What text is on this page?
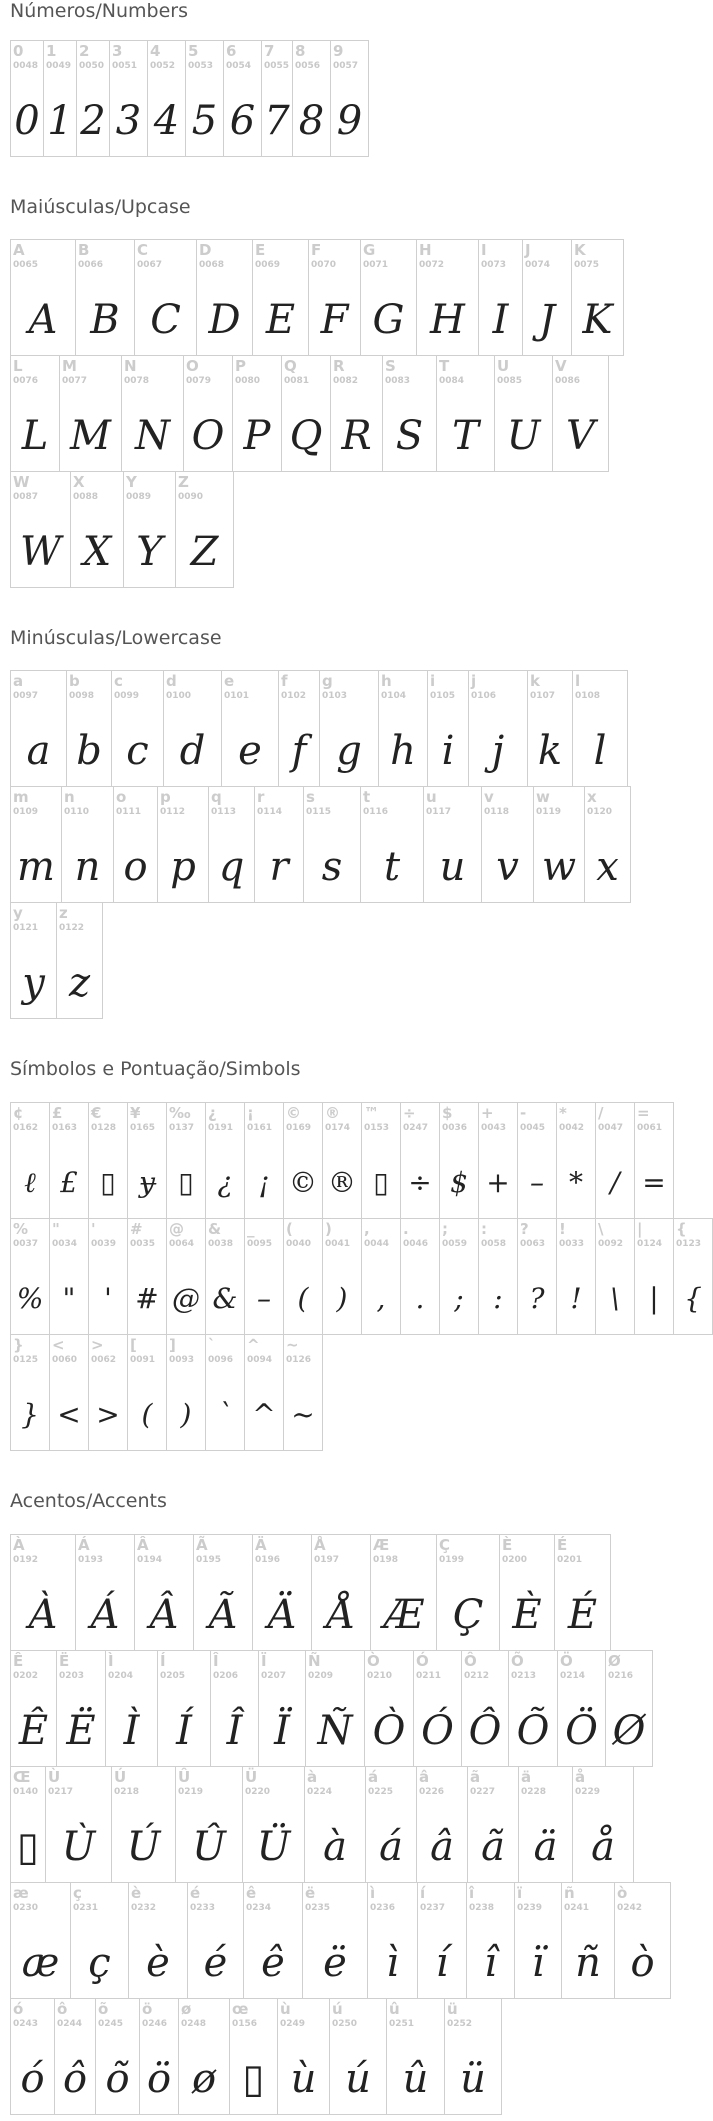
Números/Numbers
0
0048
0
1
0049
1
2
0050
2
3
0051
3
4
0052
4
5
0053
5
6
0054
6
7
0055
7
8
0056
8
9
0057
9
Maiúsculas/Upcase
A
0065
A
B
0066
B
C
0067
C
D
0068
D
E
0069
E
F
0070
F
G
0071
G
H
0072
H
I
0073
I
J
0074
J
K
0075
K
L
0076
L
M
0077
M
N
0078
N
O
0079
O
P
0080
P
Q
0081
Q
R
0082
R
S
0083
S
T
0084
T
U
0085
U
V
0086
V
W
0087
W
X
0088
X
Y
0089
Y
Z
0090
Z
Minúsculas/Lowercase
a
0097
a
b
0098
b
c
0099
c
d
0100
d
e
0101
e
f
0102
f
g
0103
g
h
0104
h
i
0105
i
j
0106
j
k
0107
k
l
0108
l
m
0109
m
n
0110
n
o
0111
o
p
0112
p
q
0113
q
r
0114
r
s
0115
s
t
0116
t
u
0117
u
v
0118
v
w
0119
w
x
0120
x
y
0121
y
z
0122
z
Símbolos e Pontuação/Simbols
¢
0162
ℓ
£
0163
£
€
0128
▯
¥
0165
ɏ
‰
0137
▯
¿
0191
¿
¡
0161
¡
©
0169
©
®
0174
®
™
0153
▯
÷
0247
÷
$
0036
$
+
0043
+
-
0045
–
*
0042
*
/
0047
/
=
0061
=
%
0037
%
"
0034
"
'
0039
'
#
0035
#
@
0064
@
&
0038
&
_
0095
–
(
0040
(
)
0041
)
,
0044
,
.
0046
.
;
0059
;
:
0058
:
?
0063
?
!
0033
!
\
0092
\
|
0124
|
{
0123
{
}
0125
}
<
0060
<
>
0062
>
[
0091
(
]
0093
)
`
0096
`
^
0094
^
~
0126
~
Acentos/Accents
À
0192
À
Á
0193
Á
Â
0194
Â
Ã
0195
Ã
Ä
0196
Ä
Å
0197
Å
Æ
0198
Æ
Ç
0199
Ç
È
0200
È
É
0201
É
Ê
0202
Ê
Ë
0203
Ë
Ì
0204
Ì
Í
0205
Í
Î
0206
Î
Ï
0207
Ï
Ñ
0209
Ñ
Ò
0210
Ò
Ó
0211
Ó
Ô
0212
Ô
Õ
0213
Õ
Ö
0214
Ö
Ø
0216
Ø
Œ
0140
▯
Ù
0217
Ù
Ú
0218
Ú
Û
0219
Û
Ü
0220
Ü
à
0224
à
á
0225
á
â
0226
â
ã
0227
ã
ä
0228
ä
å
0229
å
æ
0230
æ
ç
0231
ç
è
0232
è
é
0233
é
ê
0234
ê
ë
0235
ë
ì
0236
ì
í
0237
í
î
0238
î
ï
0239
ï
ñ
0241
ñ
ò
0242
ò
ó
0243
ó
ô
0244
ô
õ
0245
õ
ö
0246
ö
ø
0248
ø
œ
0156
▯
ù
0249
ù
ú
0250
ú
û
0251
û
ü
0252
ü
